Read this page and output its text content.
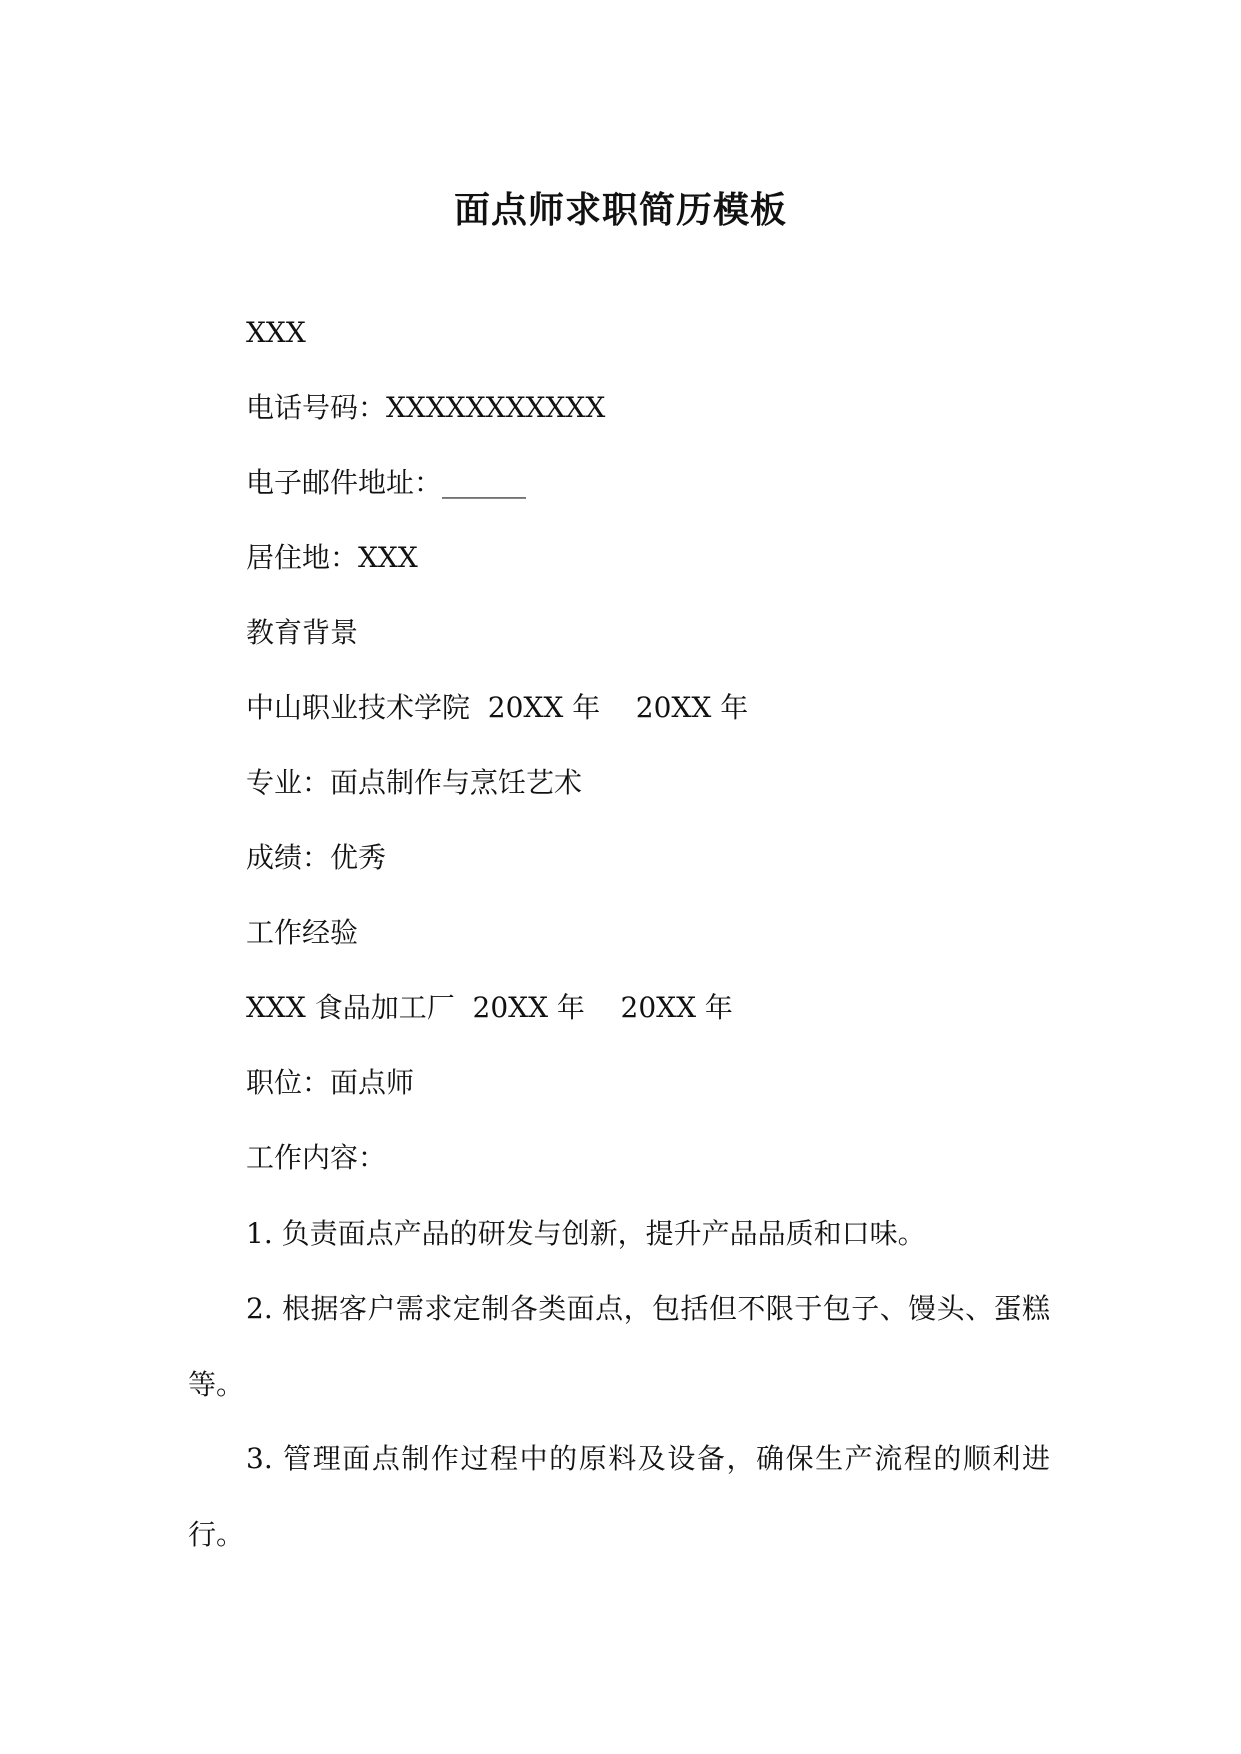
面点师求职简历模板
XXX
电话号码：XXXXXXXXXXX
电子邮件地址：______
居住地：XXX
教育背景
中山职业技术学院  20XX 年    20XX 年
专业：面点制作与烹饪艺术
成绩：优秀
工作经验
XXX 食品加工厂  20XX 年    20XX 年
职位：面点师
工作内容：
1. 负责面点产品的研发与创新，提升产品品质和口味。
2. 根据客户需求定制各类面点，包括但不限于包子、馒头、蛋糕等。
3. 管理面点制作过程中的原料及设备，确保生产流程的顺利进行。
